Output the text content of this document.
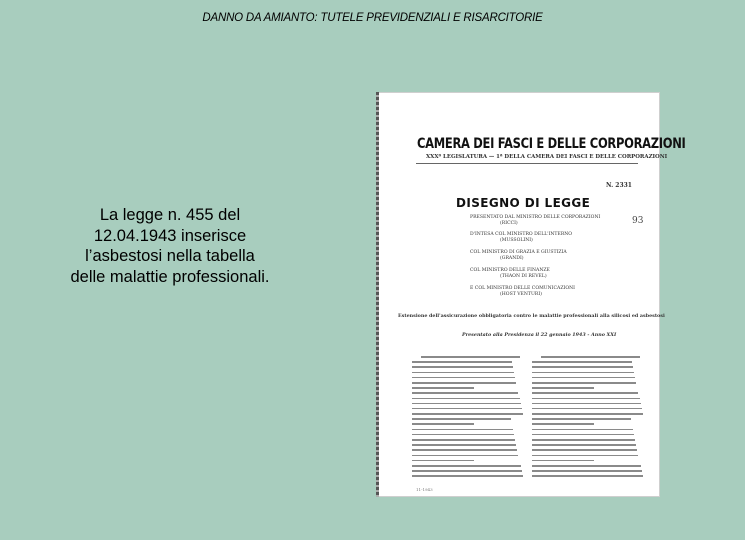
DANNO DA AMIANTO: TUTELE PREVIDENZIALI E RISARCITORIE
La legge n. 455 del
12.04.1943 inserisce
l’asbestosi nella tabella
delle malattie professionali.
CAMERA DEI FASCI E DELLE CORPORAZIONI
XXXª LEGISLATURA — 1ª DELLA CAMERA DEI FASCI E DELLE CORPORAZIONI
N. 2331
DISEGNO DI LEGGE
93
PRESENTATO DAL MINISTRO DELLE CORPORAZIONI
(RICCI)
D'INTESA COL MINISTRO DELL'INTERNO
(MUSSOLINI)
COL MINISTRO DI GRAZIA E GIUSTIZIA
(GRANDI)
COL MINISTRO DELLE FINANZE
(THAON DI REVEL)
E COL MINISTRO DELLE COMUNICAZIONI
(HOST VENTURI)
Estensione dell'assicurazione obbligatoria contro le malattie professionali alla silicosi ed asbestosi
Presentato alla Presidenza il 22 gennaio 1943 - Anno XXI
11-1943
